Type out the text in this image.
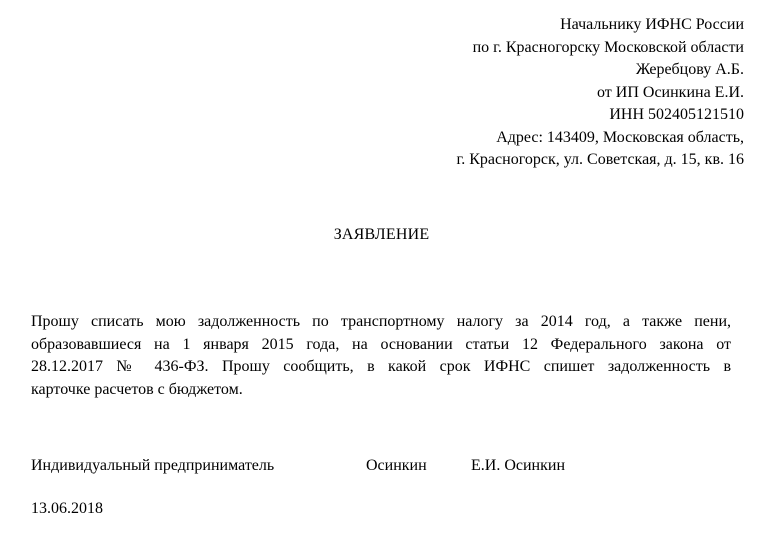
Начальнику ИФНС России
по г. Красногорску Московской области
Жеребцову А.Б.
от ИП Осинкина Е.И.
ИНН 502405121510
Адрес: 143409, Московская область,
г. Красногорск, ул. Советская, д. 15, кв. 16
ЗАЯВЛЕНИЕ
Прошу списать мою задолженность по транспортному налогу за 2014 год, а также пени,
образовавшиеся на 1 января 2015 года, на основании статьи 12 Федерального закона от
28.12.2017 № 436-ФЗ. Прошу сообщить, в какой срок ИФНС спишет задолженность в
карточке расчетов с бюджетом.
Индивидуальный предприниматель	Осинкин	Е.И. Осинкин
13.06.2018
